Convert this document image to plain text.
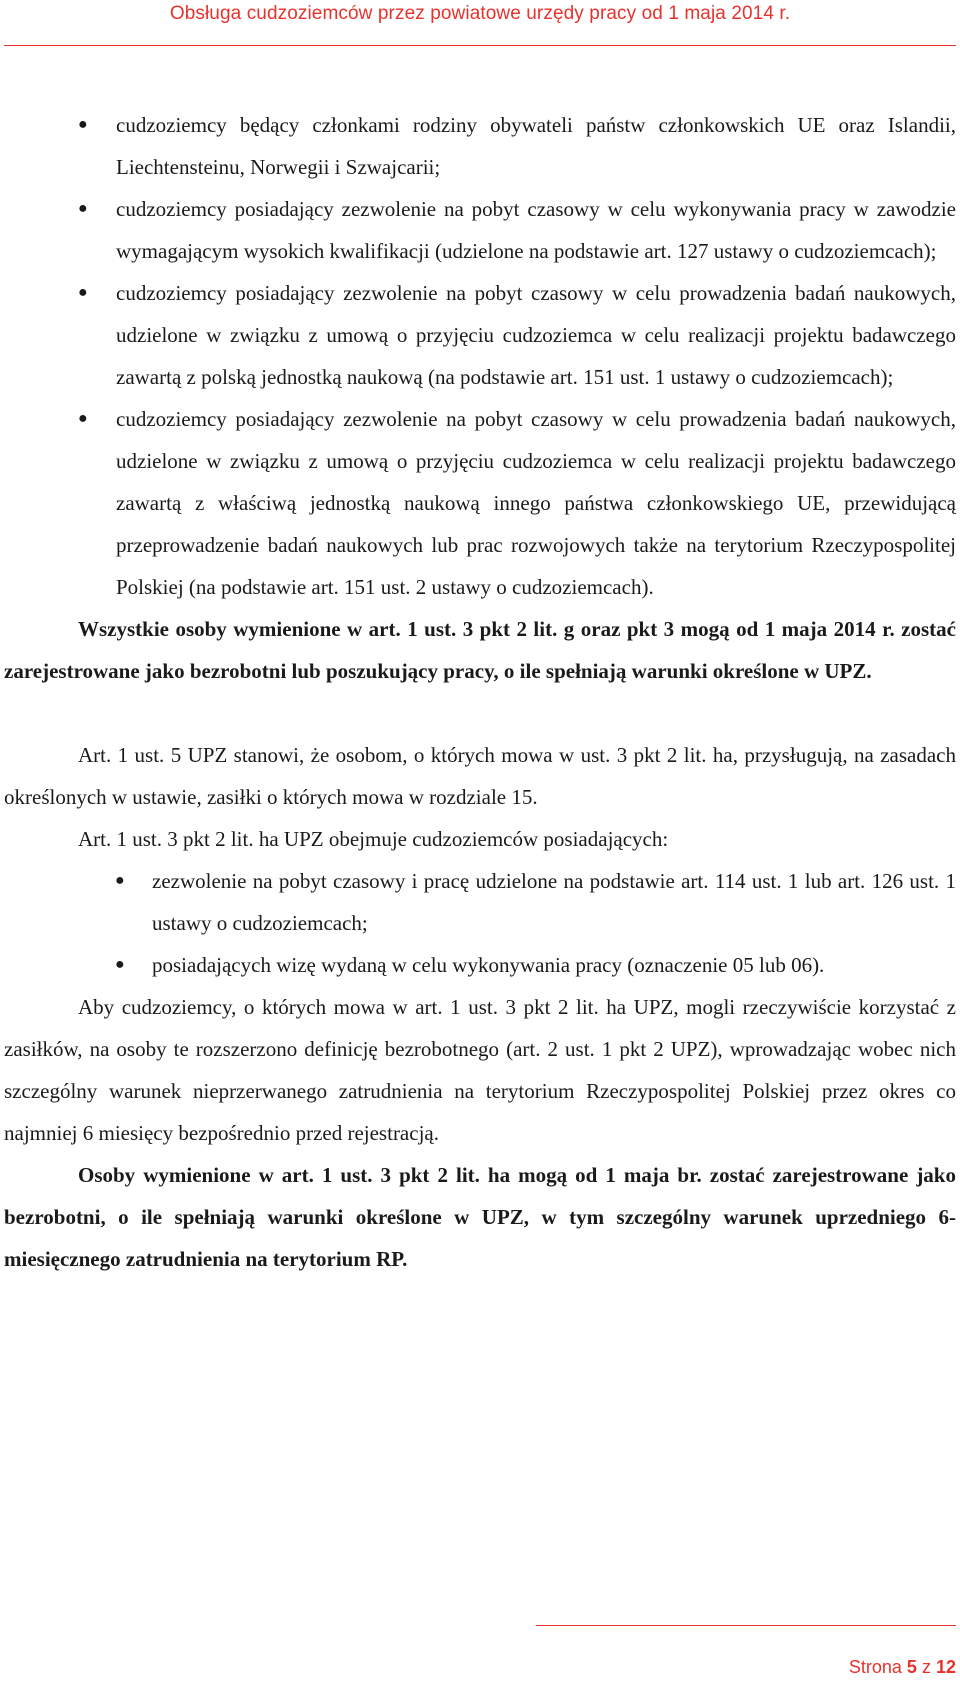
Obsługa cudzoziemców przez powiatowe urzędy pracy od 1 maja 2014 r.
●	cudzoziemcy będący członkami rodziny obywateli państw członkowskich UE oraz Islandii, Liechtensteinu, Norwegii i Szwajcarii;
●	cudzoziemcy posiadający zezwolenie na pobyt czasowy w celu wykonywania pracy w zawodzie wymagającym wysokich kwalifikacji (udzielone na podstawie art. 127 ustawy o cudzoziemcach);
●	cudzoziemcy posiadający zezwolenie na pobyt czasowy w celu prowadzenia badań naukowych, udzielone w związku z umową o przyjęciu cudzoziemca w celu realizacji projektu badawczego zawartą z polską jednostką naukową (na podstawie art. 151 ust. 1 ustawy o cudzoziemcach);
●	cudzoziemcy posiadający zezwolenie na pobyt czasowy w celu prowadzenia badań naukowych, udzielone w związku z umową o przyjęciu cudzoziemca w celu realizacji projektu badawczego zawartą z właściwą jednostką naukową innego państwa członkowskiego UE, przewidującą przeprowadzenie badań naukowych lub prac rozwojowych także na terytorium Rzeczypospolitej Polskiej (na podstawie art. 151 ust. 2 ustawy o cudzoziemcach).

Wszystkie osoby wymienione w art. 1 ust. 3 pkt 2 lit. g oraz pkt 3 mogą od 1 maja 2014 r. zostać zarejestrowane jako bezrobotni lub poszukujący pracy, o ile spełniają warunki określone w UPZ.

Art. 1 ust. 5 UPZ stanowi, że osobom, o których mowa w ust. 3 pkt 2 lit. ha, przysługują, na zasadach określonych w ustawie, zasiłki o których mowa w rozdziale 15.

Art. 1 ust. 3 pkt 2 lit. ha UPZ obejmuje cudzoziemców posiadających:

●	zezwolenie na pobyt czasowy i pracę udzielone na podstawie art. 114 ust. 1 lub art. 126 ust. 1 ustawy o cudzoziemcach;
●	posiadających wizę wydaną w celu wykonywania pracy (oznaczenie 05 lub 06).

Aby cudzoziemcy, o których mowa w art. 1 ust. 3 pkt 2 lit. ha UPZ, mogli rzeczywiście korzystać z zasiłków, na osoby te rozszerzono definicję bezrobotnego (art. 2 ust. 1 pkt 2 UPZ), wprowadzając wobec nich szczególny warunek nieprzerwanego zatrudnienia na terytorium Rzeczypospolitej Polskiej przez okres co najmniej 6 miesięcy bezpośrednio przed rejestracją.

Osoby wymienione w art. 1 ust. 3 pkt 2 lit. ha mogą od 1 maja br. zostać zarejestrowane jako bezrobotni, o ile spełniają warunki określone w UPZ, w tym szczególny warunek uprzedniego 6-miesięcznego zatrudnienia na terytorium RP.

Strona 5 z 12
